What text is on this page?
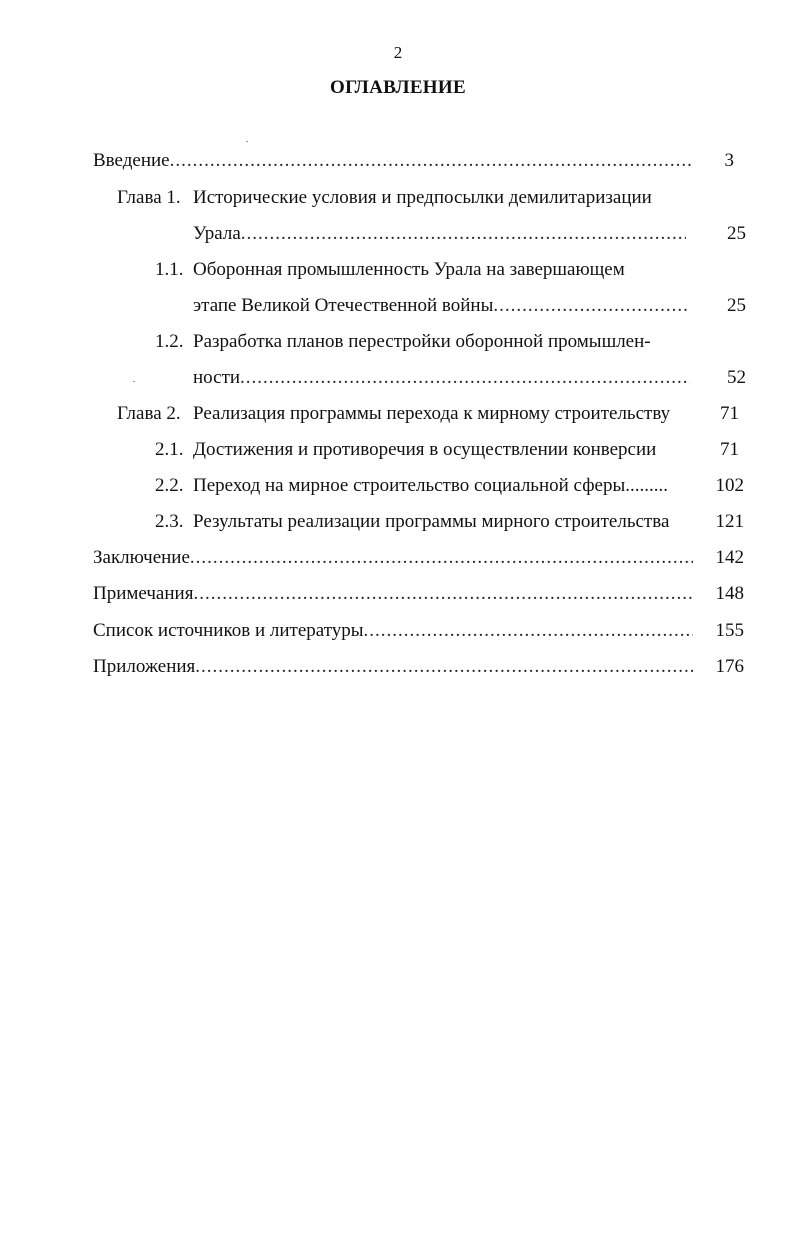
2
ОГЛАВЛЕНИЕ
Введение .....	3
Глава 1. Исторические условия и предпосылки демилитаризации
Урала .....	25
1.1. Оборонная промышленность Урала на завершающем
этапе Великой Отечественной войны .....	25
1.2. Разработка планов перестройки оборонной промышлен-
ности .....	52
Глава 2. Реализация программы перехода к мирному строительству	71
2.1. Достижения и противоречия в осуществлении конверсии	71
2.2. Переход на мирное строительство социальной сферы.........	102
2.3. Результаты реализации программы мирного строительства 121
Заключение .....	142
Примечания .....	148
Список источников и литературы .....	155
Приложения .....	176
